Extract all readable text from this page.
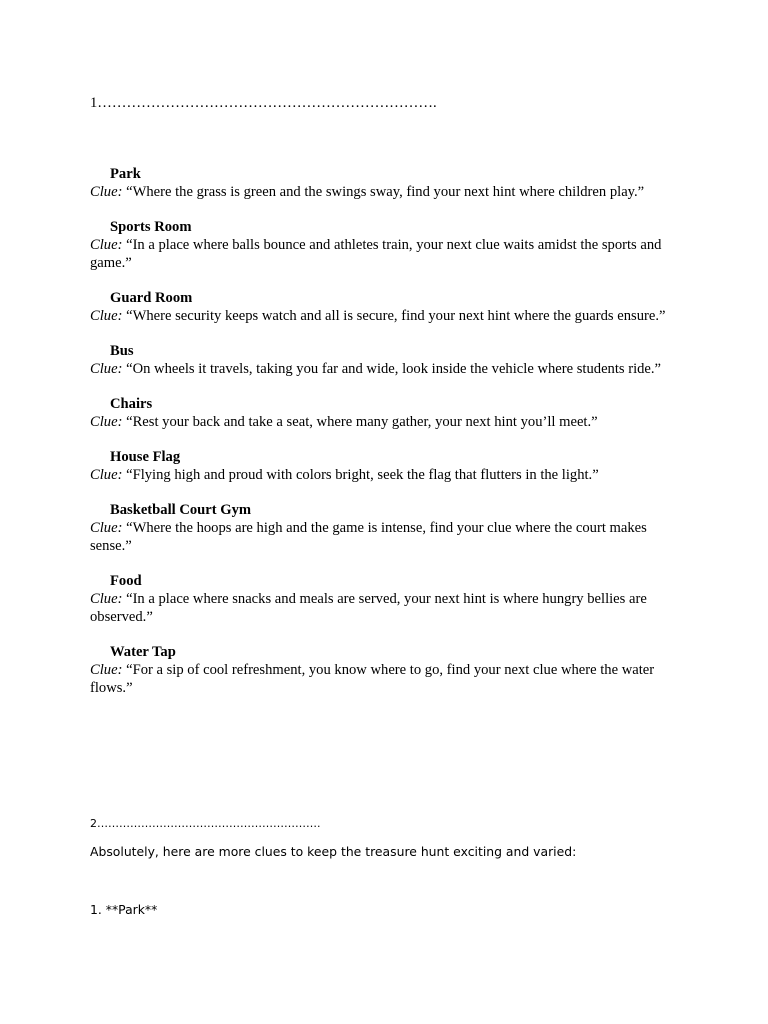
1…………………………………………………………….

Park

Clue: “Where the grass is green and the swings sway, find your next hint where children play.”

Sports Room

Clue: “In a place where balls bounce and athletes train, your next clue waits amidst the sports and game.”

Guard Room

Clue: “Where security keeps watch and all is secure, find your next hint where the guards ensure.”

Bus

Clue: “On wheels it travels, taking you far and wide, look inside the vehicle where students ride.”

Chairs

Clue: “Rest your back and take a seat, where many gather, your next hint you’ll meet.”

House Flag

Clue: “Flying high and proud with colors bright, seek the flag that flutters in the light.”

Basketball Court Gym

Clue: “Where the hoops are high and the game is intense, find your clue where the court makes sense.”

Food

Clue: “In a place where snacks and meals are served, your next hint is where hungry bellies are observed.”

Water Tap

Clue: “For a sip of cool refreshment, you know where to go, find your next clue where the water flows.”

2…………………………………………………….
Absolutely, here are more clues to keep the treasure hunt exciting and varied:
1. **Park**
